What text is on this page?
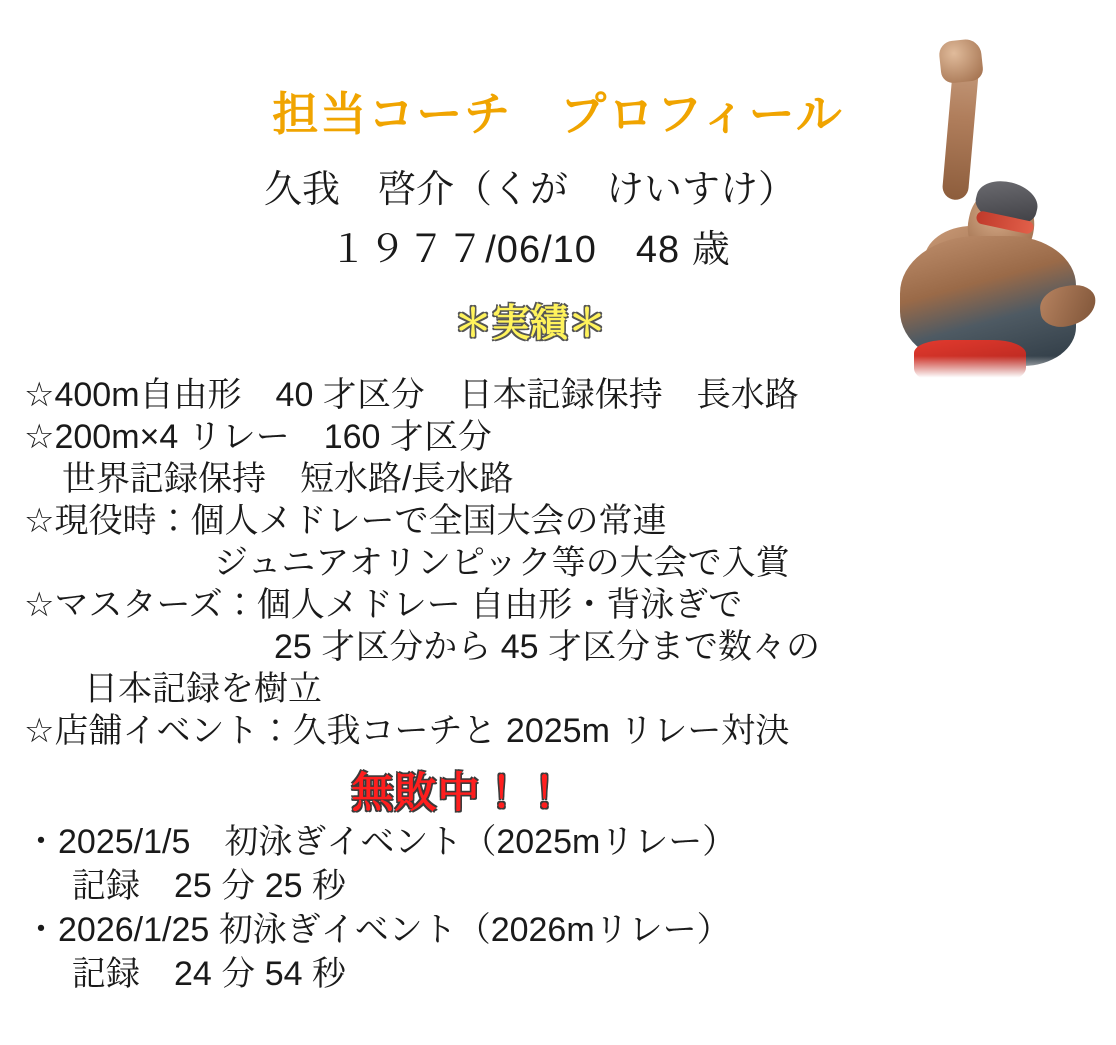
担当コーチ　プロフィール
久我　啓介（くが　けいすけ）
１９７７/06/10　48 歳
＊実績＊
☆400m自由形　40 才区分　日本記録保持　長水路
☆200m×4 リレー　160 才区分
世界記録保持　短水路/長水路
☆現役時：個人メドレーで全国大会の常連
ジュニアオリンピック等の大会で入賞
☆マスターズ：個人メドレー 自由形・背泳ぎで
25 才区分から 45 才区分まで数々の
日本記録を樹立
☆店舗イベント：久我コーチと 2025m リレー対決
無敗中！！
・2025/1/5　初泳ぎイベント（2025mリレー）
記録　25 分 25 秒
・2026/1/25 初泳ぎイベント（2026mリレー）
記録　24 分 54 秒
